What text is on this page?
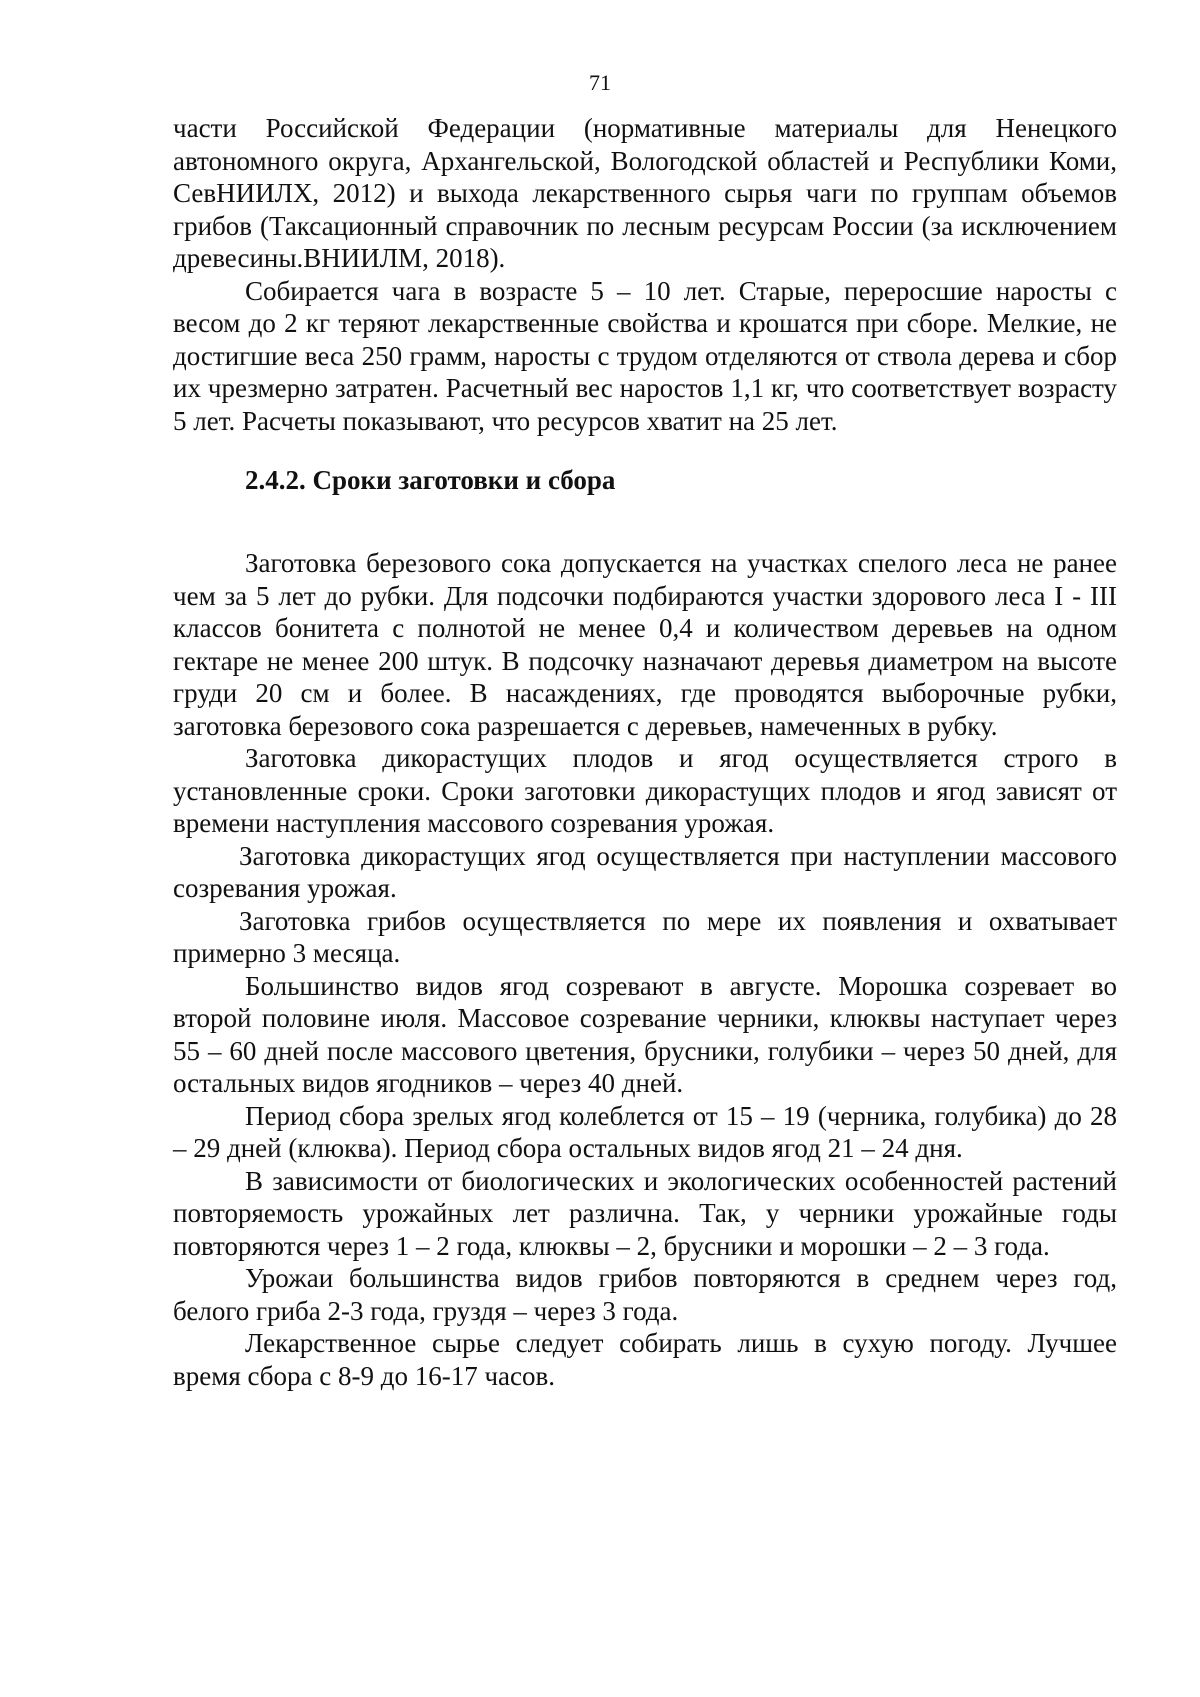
71

части Российской Федерации (нормативные материалы для Ненецкого автономного округа, Архангельской, Вологодской областей и Республики Коми, СевНИИЛХ, 2012) и выхода лекарственного сырья чаги по группам объемов грибов (Таксационный справочник по лесным ресурсам России (за исключением древесины.ВНИИЛМ, 2018).

Собирается чага в возрасте 5 – 10 лет. Старые, переросшие наросты с весом до 2 кг теряют лекарственные свойства и крошатся при сборе. Мелкие, не достигшие веса 250 грамм, наросты с трудом отделяются от ствола дерева и сбор их чрезмерно затратен. Расчетный вес наростов 1,1 кг, что соответствует возрасту 5 лет. Расчеты показывают, что ресурсов хватит на 25 лет.

2.4.2. Сроки заготовки и сбора

Заготовка березового сока допускается на участках спелого леса не ранее чем за 5 лет до рубки. Для подсочки подбираются участки здорового леса I - III классов бонитета с полнотой не менее 0,4 и количеством деревьев на одном гектаре не менее 200 штук. В подсочку назначают деревья диаметром на высоте груди 20 см и более. В насаждениях, где проводятся выборочные рубки, заготовка березового сока разрешается с деревьев, намеченных в рубку.

Заготовка дикорастущих плодов и ягод осуществляется строго в установленные сроки. Сроки заготовки дикорастущих плодов и ягод зависят от времени наступления массового созревания урожая.

Заготовка дикорастущих ягод осуществляется при наступлении массового созревания урожая.

Заготовка грибов осуществляется по мере их появления и охватывает примерно 3 месяца.

Большинство видов ягод созревают в августе. Морошка созревает во второй половине июля. Массовое созревание черники, клюквы наступает через 55 – 60 дней после массового цветения, брусники, голубики – через 50 дней, для остальных видов ягодников – через 40 дней.

Период сбора зрелых ягод колеблется от 15 – 19 (черника, голубика) до 28 – 29 дней (клюква). Период сбора остальных видов ягод 21 – 24 дня.

В зависимости от биологических и экологических особенностей растений повторяемость урожайных лет различна. Так, у черники урожайные годы повторяются через 1 – 2 года, клюквы – 2, брусники и морошки – 2 – 3 года.

Урожаи большинства видов грибов повторяются в среднем через год, белого гриба 2-3 года, груздя – через 3 года.

Лекарственное сырье следует собирать лишь в сухую погоду. Лучшее время сбора с 8-9 до 16-17 часов.
